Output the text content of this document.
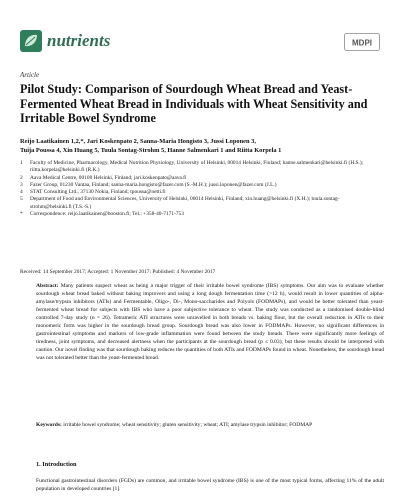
nutrients	MDPI
Article
Pilot Study: Comparison of Sourdough Wheat Bread and Yeast-Fermented Wheat Bread in Individuals with Wheat Sensitivity and Irritable Bowel Syndrome
Reijo Laatikainen 1,2,*, Jari Koskenpato 2, Sanna-Maria Hongisto 3, Jussi Loponen 3,
Tuija Poussa 4, Xin Huang 5, Tuula Sontag-Strohm 5, Hanne Salmenkari 1 and Riitta Korpela 1
1	Faculty of Medicine, Pharmacology, Medical Nutrition Physiology, University of Helsinki, 00014 Helsinki, Finland; hanne.salmenkari@helsinki.fi (H.S.); riitta.korpela@helsinki.fi (R.K.)
2	Aava Medical Centre, 00100 Helsinki, Finland; jari.koskenpato@aava.fi
3	Fazer Group, 01230 Vantaa, Finland; sanna-maria.hongisto@fazer.com (S.-M.H.); jussi.loponen@fazer.com (J.L.)
4	STAT Consulting Ltd., 37130 Nokia, Finland; tpoussa@netti.fi
5	Department of Food and Environmental Sciences, University of Helsinki, 00014 Helsinki, Finland; xin.huang@helsinki.fi (X.H.); tuula.sontag-strohm@helsinki.fi (T.S.-S.)
*	Correspondence: reijo.laatikainen@booston.fi; Tel.: +358-40-7171-753
Received: 14 September 2017; Accepted: 1 November 2017; Published: 4 November 2017
Abstract: Many patients suspect wheat as being a major trigger of their irritable bowel syndrome (IBS) symptoms. Our aim was to evaluate whether sourdough wheat bread baked without baking improvers and using a long dough fermentation time (>12 h), would result in lower quantities of alpha-amylase/trypsin inhibitors (ATIs) and Fermentable, Oligo-, Di-, Mono-saccharides and Polyols (FODMAPs), and would be better tolerated than yeast-fermented wheat bread for subjects with IBS who have a poor subjective tolerance to wheat. The study was conducted as a randomised double-blind controlled 7-day study (n = 26). Tetrameric ATI structures were unravelled in both breads vs. baking flour, but the overall reduction in ATIs to their monomeric form was higher in the sourdough bread group. Sourdough bread was also lower in FODMAPs. However, no significant differences in gastrointestinal symptoms and markers of low-grade inflammation were found between the study breads. There were significantly more feelings of tiredness, joint symptoms, and decreased alertness when the participants at the sourdough bread (p ≤ 0.03), but these results should be interpreted with caution. Our novel finding was that sourdough baking reduces the quantities of both ATIs and FODMAPs found in wheat. Nonetheless, the sourdough bread was not tolerated better than the yeast-fermented bread.
Keywords: irritable bowel syndrome; wheat sensitivity; gluten sensitivity; wheat; ATI; amylase trypsin inhibitor; FODMAP
1. Introduction
Functional gastrointestinal disorders (FGDs) are common, and irritable bowel syndrome (IBS) is one of the most typical forms, affecting 11% of the adult population in developed countries [1].
